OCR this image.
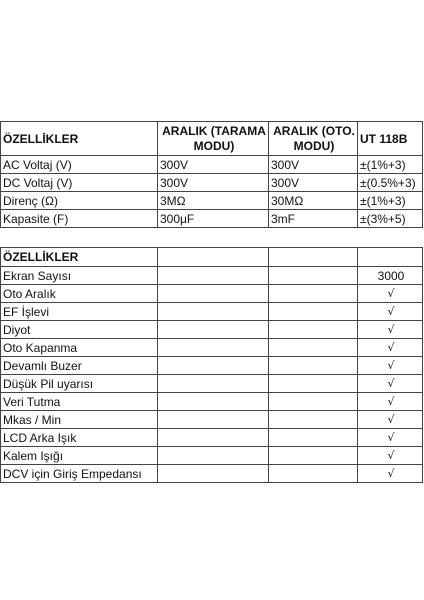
ÖZELLİKLER	ARALIK (TARAMA MODU)	ARALIK (OTO. MODU)	UT 118B
AC Voltaj (V)	300V	300V	±(1%+3)
DC Voltaj (V)	300V	300V	±(0.5%+3)
Direnç (Ω)	3MΩ	30MΩ	±(1%+3)
Kapasite (F)	300μF	3mF	±(3%+5)
ÖZELLİKLER			
Ekran Sayısı			3000
Oto Aralık			√
EF İşlevi			√
Diyot			√
Oto Kapanma			√
Devamlı Buzer			√
Düşük Pil uyarısı			√
Veri Tutma			√
Mkas / Min			√
LCD Arka Işık			√
Kalem Işığı			√
DCV için Giriş Empedansı			√
